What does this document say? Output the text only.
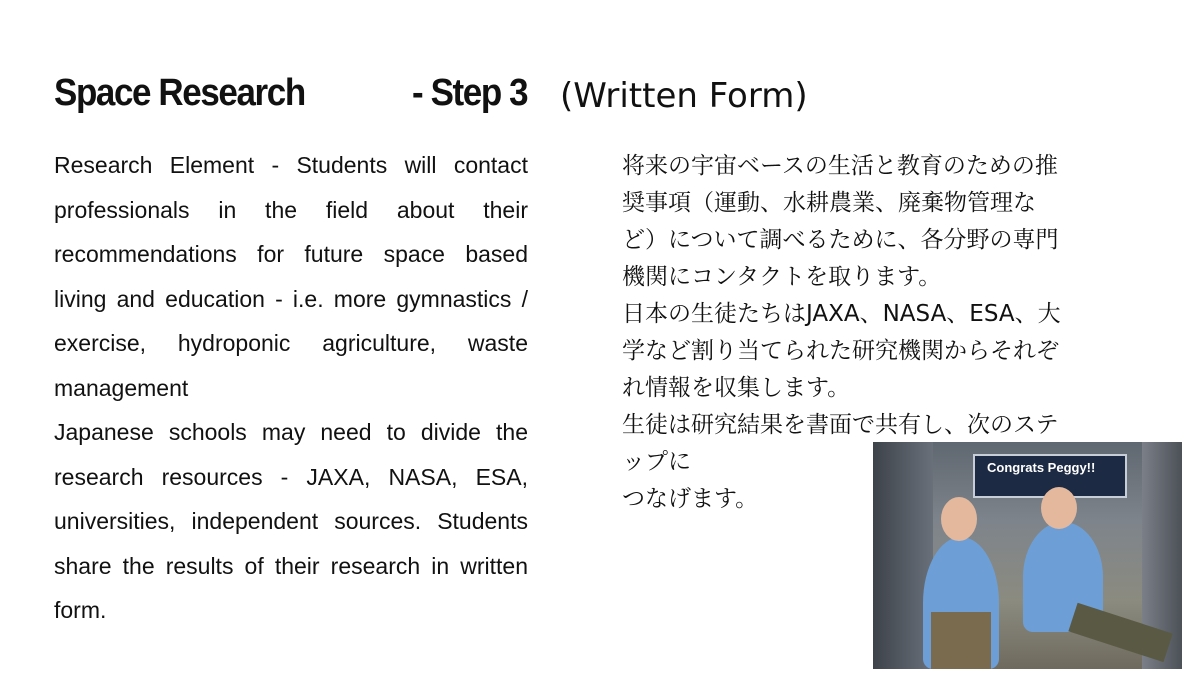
Space Research	- Step 3 (Written Form)

Research Element - Students will contact professionals in the field about their recommendations for future space based living and education - i.e. more gymnastics / exercise, hydroponic agriculture, waste management

Japanese schools may need to divide the research resources - JAXA, NASA, ESA, universities, independent sources. Students share the results of their research in written form.

将来の宇宙ベースの生活と教育のための推

奨事項（運動、水耕農業、廃棄物管理な

ど）について調べるために、各分野の専門

機関にコンタクトを取ります。

日本の生徒たちはJAXA、NASA、ESA、大

学など割り当てられた研究機関からそれぞ

れ情報を収集します。

生徒は研究結果を書面で共有し、次のステ

ップに

つなげます。

Congrats Peggy!!
